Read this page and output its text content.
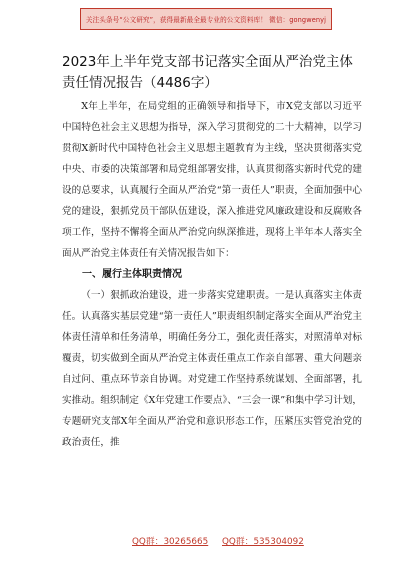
关注头条号“公文研究”，获得最新最全最专业的公文资料库！ 微信：gongwenyj
2023年上半年党支部书记落实全面从严治党主体责任情况报告（4486字）

X年上半年，在局党组的正确领导和指导下，市X党支部以习近平中国特色社会主义思想为指导，深入学习贯彻党的二十大精神，以学习贯彻X新时代中国特色社会主义思想主题教育为主线，坚决贯彻落实党中央、市委的决策部署和局党组部署安排，认真贯彻落实新时代党的建设的总要求，认真履行全面从严治党“第一责任人”职责，全面加强中心党的建设，狠抓党员干部队伍建设，深入推进党风廉政建设和反腐败各项工作，坚持不懈将全面从严治党向纵深推进，现将上半年本人落实全面从严治党主体责任有关情况报告如下：

一、履行主体职责情况

（一）狠抓政治建设，进一步落实党建职责。一是认真落实主体责任。认真落实基层党建“第一责任人”职责组织制定落实全面从严治党主体责任清单和任务清单，明确任务分工，强化责任落实，对照清单对标覆责，切实做到全面从严治党主体责任重点工作亲自部署、重大问题亲自过问、重点环节亲自协调。对党建工作坚持系统谋划、全面部署，扎实推动。组织制定《X年党建工作要点》、“三会一课”和集中学习计划，专题研究支部X年全面从严治党和意识形态工作，压紧压实管党治党的政治责任，推

QQ群：30265665 QQ群：535304092
